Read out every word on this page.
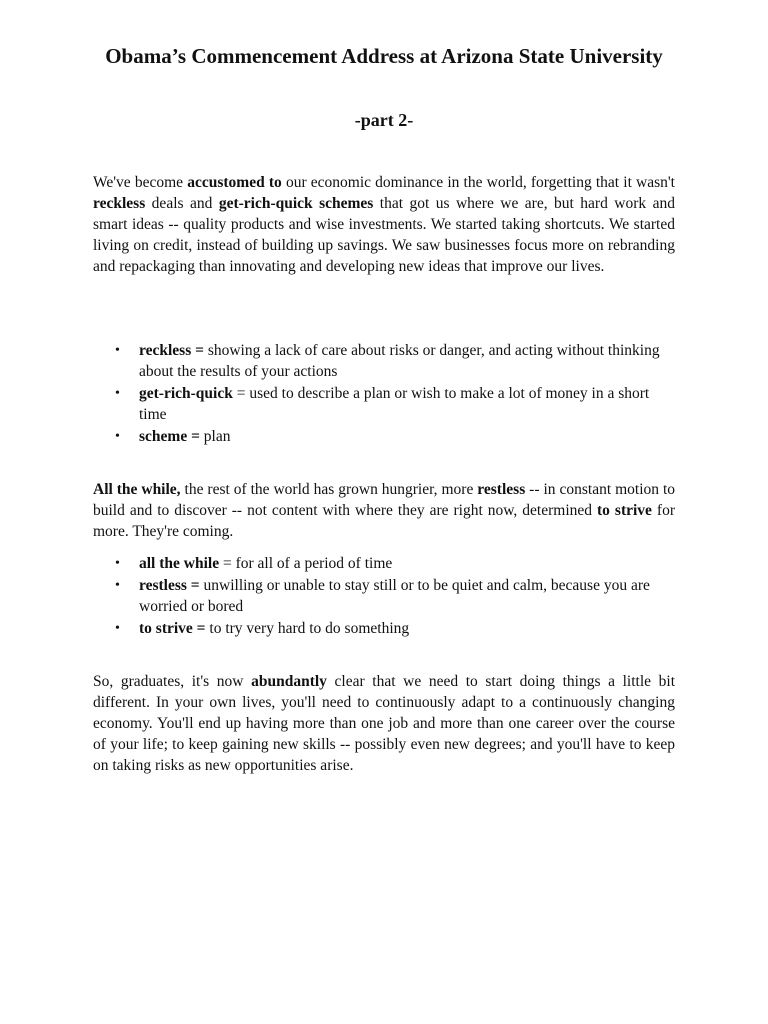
Obama’s Commencement Address at Arizona State University
-part 2-

We've become accustomed to our economic dominance in the world, forgetting that it wasn't reckless deals and get-rich-quick schemes that got us where we are, but hard work and smart ideas -- quality products and wise investments. We started taking shortcuts. We started living on credit, instead of building up savings. We saw businesses focus more on rebranding and repackaging than innovating and developing new ideas that improve our lives.

• reckless = showing a lack of care about risks or danger, and acting without thinking about the results of your actions
• get-rich-quick = used to describe a plan or wish to make a lot of money in a short time
• scheme = plan

All the while, the rest of the world has grown hungrier, more restless -- in constant motion to build and to discover -- not content with where they are right now, determined to strive for more. They're coming.

• all the while = for all of a period of time
• restless = unwilling or unable to stay still or to be quiet and calm, because you are worried or bored
• to strive = to try very hard to do something

So, graduates, it's now abundantly clear that we need to start doing things a little bit different. In your own lives, you'll need to continuously adapt to a continuously changing economy. You'll end up having more than one job and more than one career over the course of your life; to keep gaining new skills -- possibly even new degrees; and you'll have to keep on taking risks as new opportunities arise.
